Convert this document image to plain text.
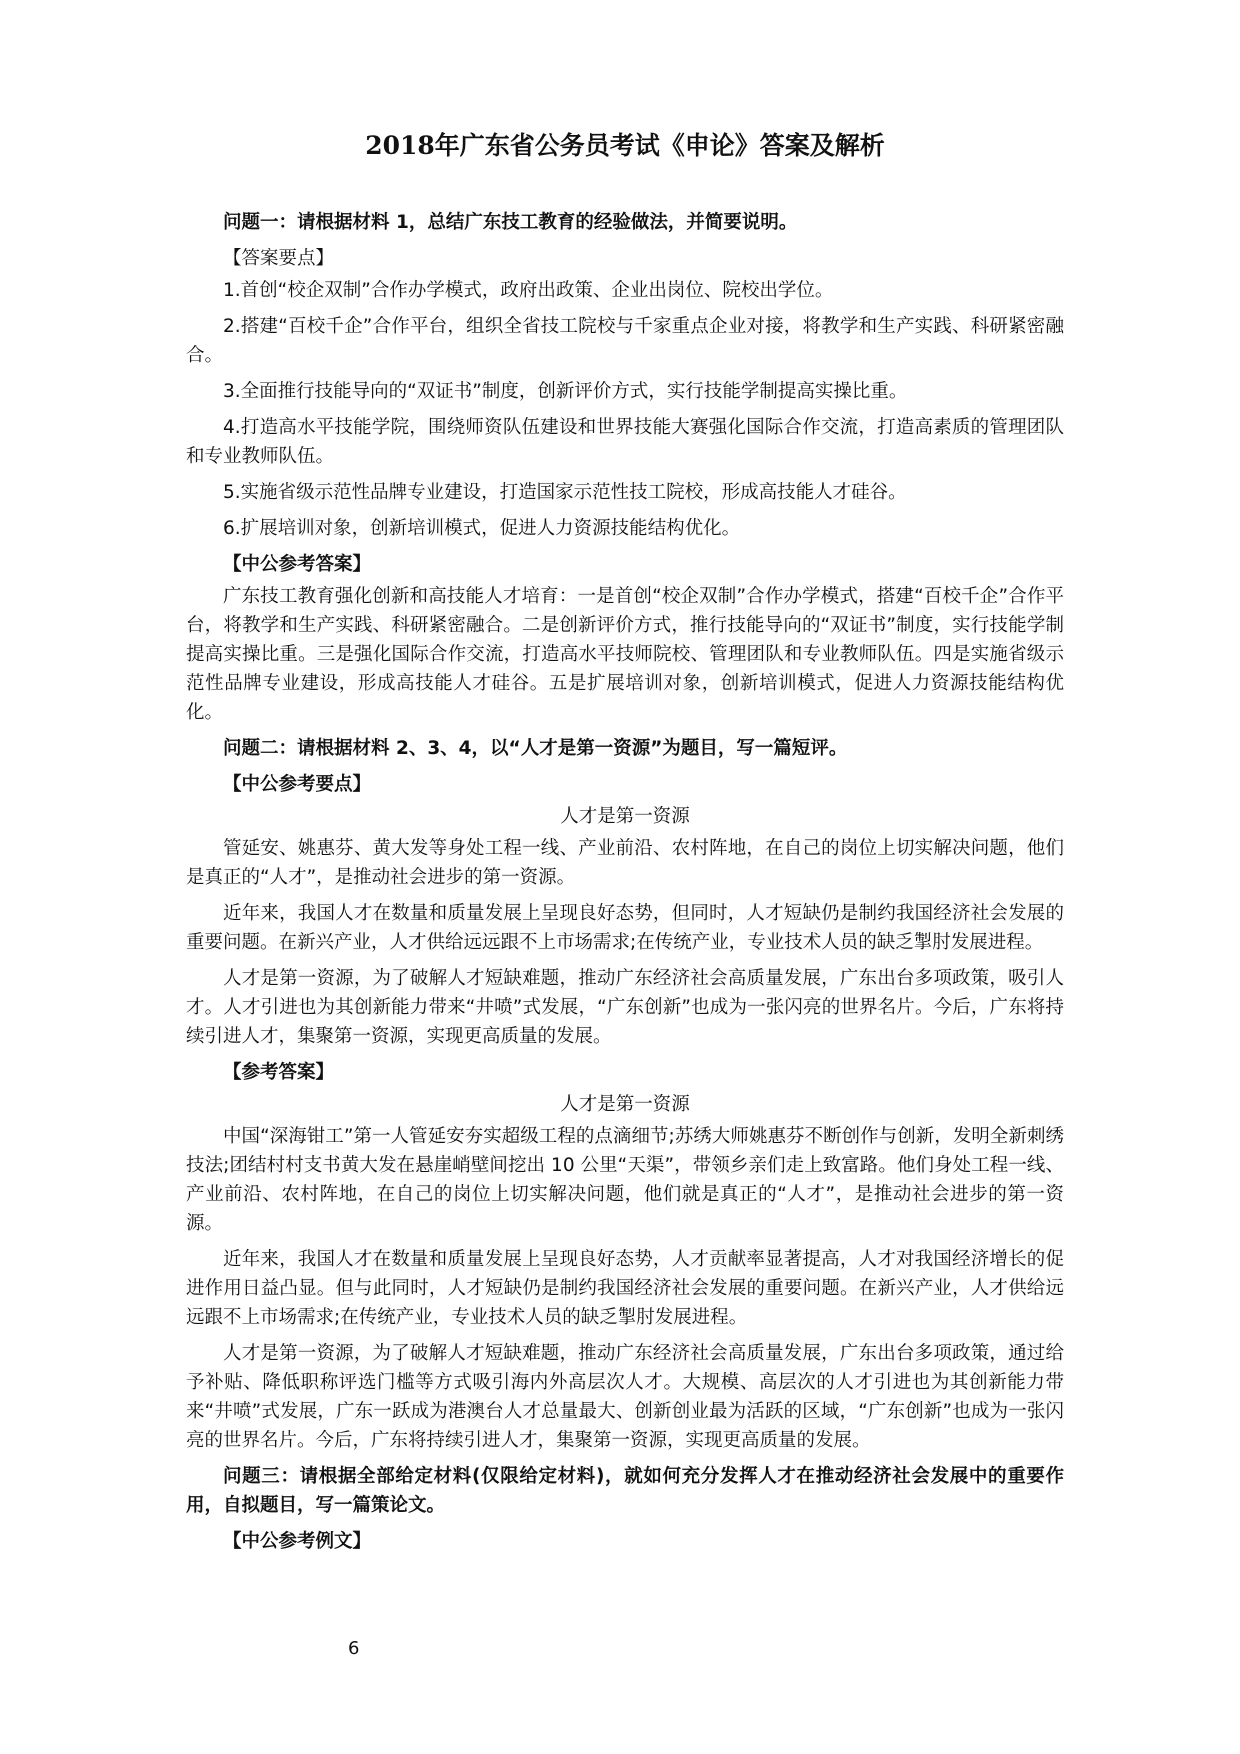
2018年广东省公务员考试《申论》答案及解析

问题一：请根据材料 1，总结广东技工教育的经验做法，并简要说明。

【答案要点】

1.首创“校企双制”合作办学模式，政府出政策、企业出岗位、院校出学位。

2.搭建“百校千企”合作平台，组织全省技工院校与千家重点企业对接，将教学和生产实践、科研紧密融合。

3.全面推行技能导向的“双证书”制度，创新评价方式，实行技能学制提高实操比重。

4.打造高水平技能学院，围绕师资队伍建设和世界技能大赛强化国际合作交流，打造高素质的管理团队和专业教师队伍。

5.实施省级示范性品牌专业建设，打造国家示范性技工院校，形成高技能人才硅谷。

6.扩展培训对象，创新培训模式，促进人力资源技能结构优化。

【中公参考答案】

广东技工教育强化创新和高技能人才培育：一是首创“校企双制”合作办学模式，搭建“百校千企”合作平台，将教学和生产实践、科研紧密融合。二是创新评价方式，推行技能导向的“双证书”制度，实行技能学制提高实操比重。三是强化国际合作交流，打造高水平技师院校、管理团队和专业教师队伍。四是实施省级示范性品牌专业建设，形成高技能人才硅谷。五是扩展培训对象，创新培训模式，促进人力资源技能结构优化。

问题二：请根据材料 2、3、4，以“人才是第一资源”为题目，写一篇短评。

【中公参考要点】

人才是第一资源

管延安、姚惠芬、黄大发等身处工程一线、产业前沿、农村阵地，在自己的岗位上切实解决问题，他们是真正的“人才”，是推动社会进步的第一资源。

近年来，我国人才在数量和质量发展上呈现良好态势，但同时，人才短缺仍是制约我国经济社会发展的重要问题。在新兴产业，人才供给远远跟不上市场需求;在传统产业，专业技术人员的缺乏掣肘发展进程。

人才是第一资源，为了破解人才短缺难题，推动广东经济社会高质量发展，广东出台多项政策，吸引人才。人才引进也为其创新能力带来“井喷”式发展，“广东创新”也成为一张闪亮的世界名片。今后，广东将持续引进人才，集聚第一资源，实现更高质量的发展。

【参考答案】

人才是第一资源

中国“深海钳工”第一人管延安夯实超级工程的点滴细节;苏绣大师姚惠芬不断创作与创新，发明全新刺绣技法;团结村村支书黄大发在悬崖峭壁间挖出 10 公里“天渠”，带领乡亲们走上致富路。他们身处工程一线、产业前沿、农村阵地，在自己的岗位上切实解决问题，他们就是真正的“人才”，是推动社会进步的第一资源。

近年来，我国人才在数量和质量发展上呈现良好态势，人才贡献率显著提高，人才对我国经济增长的促进作用日益凸显。但与此同时，人才短缺仍是制约我国经济社会发展的重要问题。在新兴产业，人才供给远远跟不上市场需求;在传统产业，专业技术人员的缺乏掣肘发展进程。

人才是第一资源，为了破解人才短缺难题，推动广东经济社会高质量发展，广东出台多项政策，通过给予补贴、降低职称评选门槛等方式吸引海内外高层次人才。大规模、高层次的人才引进也为其创新能力带来“井喷”式发展，广东一跃成为港澳台人才总量最大、创新创业最为活跃的区域，“广东创新”也成为一张闪亮的世界名片。今后，广东将持续引进人才，集聚第一资源，实现更高质量的发展。

问题三：请根据全部给定材料(仅限给定材料)，就如何充分发挥人才在推动经济社会发展中的重要作用，自拟题目，写一篇策论文。

【中公参考例文】

6
